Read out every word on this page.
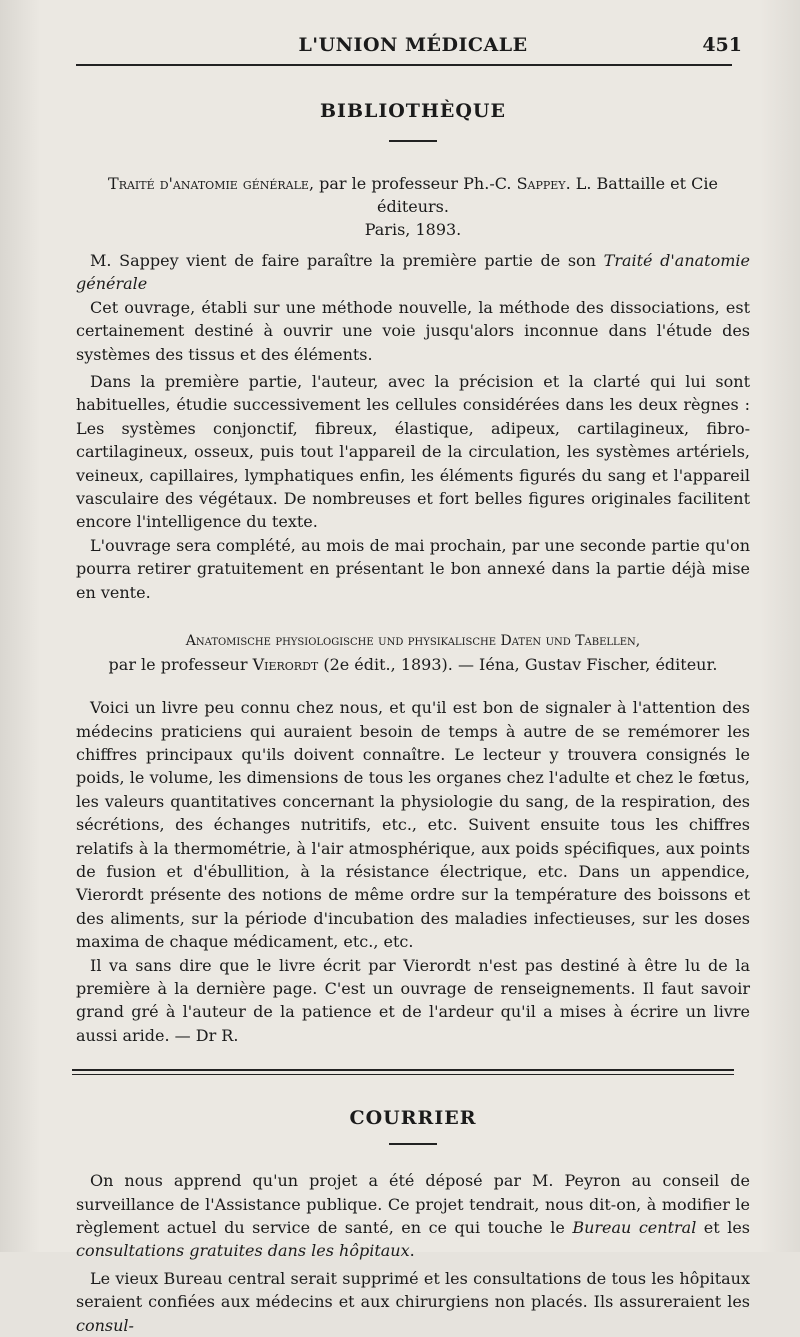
L'UNION MÉDICALE	451
BIBLIOTHÈQUE
Traité d'anatomie générale, par le professeur Ph.-C. Sappey. L. Battaille et Cie éditeurs.
Paris, 1893.

M. Sappey vient de faire paraître la première partie de son Traité d'anatomie générale

Cet ouvrage, établi sur une méthode nouvelle, la méthode des dissociations, est certainement destiné à ouvrir une voie jusqu'alors inconnue dans l'étude des systèmes des tissus et des éléments.

Dans la première partie, l'auteur, avec la précision et la clarté qui lui sont habituelles, étudie successivement les cellules considérées dans les deux règnes : Les systèmes conjonctif, fibreux, élastique, adipeux, cartilagineux, fibro-cartilagineux, osseux, puis tout l'appareil de la circulation, les systèmes artériels, veineux, capillaires, lymphatiques enfin, les éléments figurés du sang et l'appareil vasculaire des végétaux. De nombreuses et fort belles figures originales facilitent encore l'intelligence du texte.

L'ouvrage sera complété, au mois de mai prochain, par une seconde partie qu'on pourra retirer gratuitement en présentant le bon annexé dans la partie déjà mise en vente.

Anatomische physiologische und physikalische Daten und Tabellen,
par le professeur Vierordt (2e édit., 1893). — Iéna, Gustav Fischer, éditeur.

Voici un livre peu connu chez nous, et qu'il est bon de signaler à l'attention des médecins praticiens qui auraient besoin de temps à autre de se remémorer les chiffres principaux qu'ils doivent connaître. Le lecteur y trouvera consignés le poids, le volume, les dimensions de tous les organes chez l'adulte et chez le fœtus, les valeurs quantitatives concernant la physiologie du sang, de la respiration, des sécrétions, des échanges nutritifs, etc., etc. Suivent ensuite tous les chiffres relatifs à la thermométrie, à l'air atmosphérique, aux poids spécifiques, aux points de fusion et d'ébullition, à la résistance électrique, etc. Dans un appendice, Vierordt présente des notions de même ordre sur la température des boissons et des aliments, sur la période d'incubation des maladies infectieuses, sur les doses maxima de chaque médicament, etc., etc.

Il va sans dire que le livre écrit par Vierordt n'est pas destiné à être lu de la première à la dernière page. C'est un ouvrage de renseignements. Il faut savoir grand gré à l'auteur de la patience et de l'ardeur qu'il a mises à écrire un livre aussi aride. — Dr R.

COURRIER

On nous apprend qu'un projet a été déposé par M. Peyron au conseil de surveillance de l'Assistance publique. Ce projet tendrait, nous dit-on, à modifier le règlement actuel du service de santé, en ce qui touche le Bureau central et les consultations gratuites dans les hôpitaux.

Le vieux Bureau central serait supprimé et les consultations de tous les hôpitaux seraient confiées aux médecins et aux chirurgiens non placés. Ils assureraient les consul-
